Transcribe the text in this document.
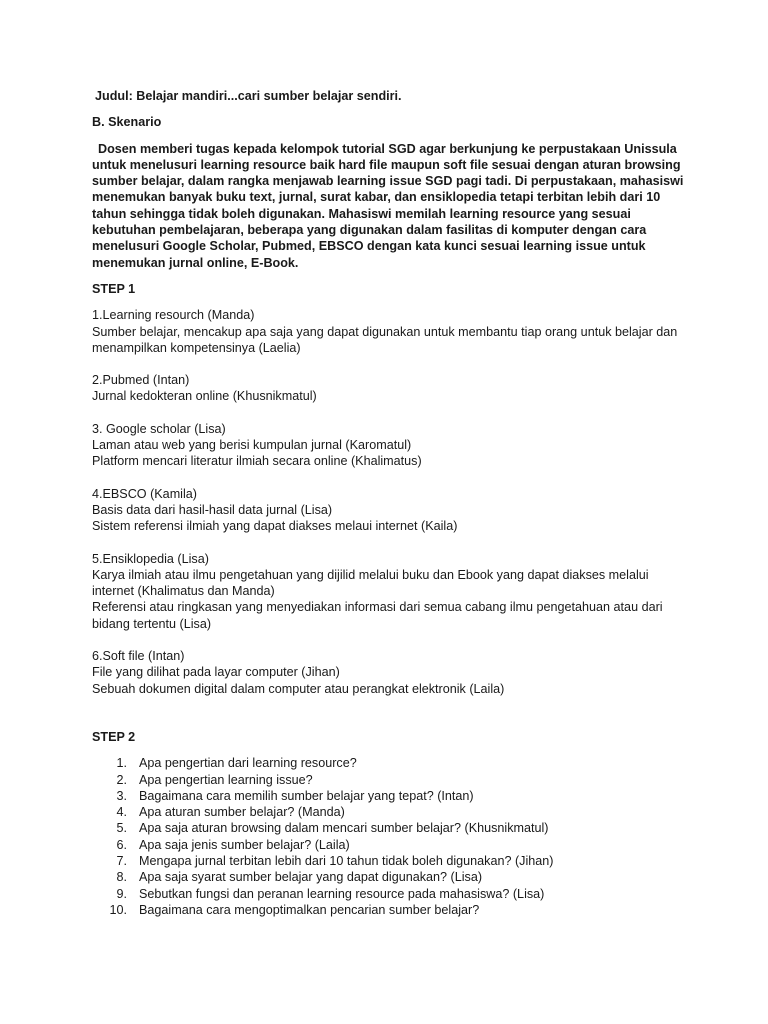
Judul: Belajar mandiri...cari sumber belajar sendiri.

B. Skenario

Dosen memberi tugas kepada kelompok tutorial SGD agar berkunjung ke perpustakaan Unissula untuk menelusuri learning resource baik hard file maupun soft file sesuai dengan aturan browsing sumber belajar, dalam rangka menjawab learning issue SGD pagi tadi. Di perpustakaan, mahasiswi menemukan banyak buku text, jurnal, surat kabar, dan ensiklopedia tetapi terbitan lebih dari 10 tahun sehingga tidak boleh digunakan. Mahasiswi memilah learning resource yang sesuai kebutuhan pembelajaran, beberapa yang digunakan dalam fasilitas di komputer dengan cara menelusuri Google Scholar, Pubmed, EBSCO dengan kata kunci sesuai learning issue untuk menemukan jurnal online, E-Book.

STEP 1

1.Learning resourch (Manda)

Sumber belajar, mencakup apa saja yang dapat digunakan untuk membantu tiap orang untuk belajar dan menampilkan kompetensinya (Laelia)

2.Pubmed (Intan)

Jurnal kedokteran online (Khusnikmatul)

3. Google scholar (Lisa)

Laman atau web yang berisi kumpulan jurnal (Karomatul)

Platform mencari literatur ilmiah secara online (Khalimatus)

4.EBSCO (Kamila)

Basis data dari hasil-hasil data jurnal (Lisa)

Sistem referensi ilmiah yang dapat diakses melaui internet (Kaila)

5.Ensiklopedia (Lisa)

Karya ilmiah atau ilmu pengetahuan yang dijilid melalui buku dan Ebook yang dapat diakses melalui internet (Khalimatus dan Manda)

Referensi atau ringkasan yang menyediakan informasi dari semua cabang ilmu pengetahuan atau dari bidang tertentu (Lisa)

6.Soft file (Intan)

File yang dilihat pada layar computer (Jihan)

Sebuah dokumen digital dalam computer atau perangkat elektronik (Laila)

STEP 2

1. Apa pengertian dari learning resource?
2. Apa pengertian learning issue?
3. Bagaimana cara memilih sumber belajar yang tepat? (Intan)
4. Apa aturan sumber belajar? (Manda)
5. Apa saja aturan browsing dalam mencari sumber belajar? (Khusnikmatul)
6. Apa saja jenis sumber belajar? (Laila)
7. Mengapa jurnal terbitan lebih dari 10 tahun tidak boleh digunakan? (Jihan)
8. Apa saja syarat sumber belajar yang dapat digunakan? (Lisa)
9. Sebutkan fungsi dan peranan learning resource pada mahasiswa? (Lisa)
10. Bagaimana cara mengoptimalkan pencarian sumber belajar?
